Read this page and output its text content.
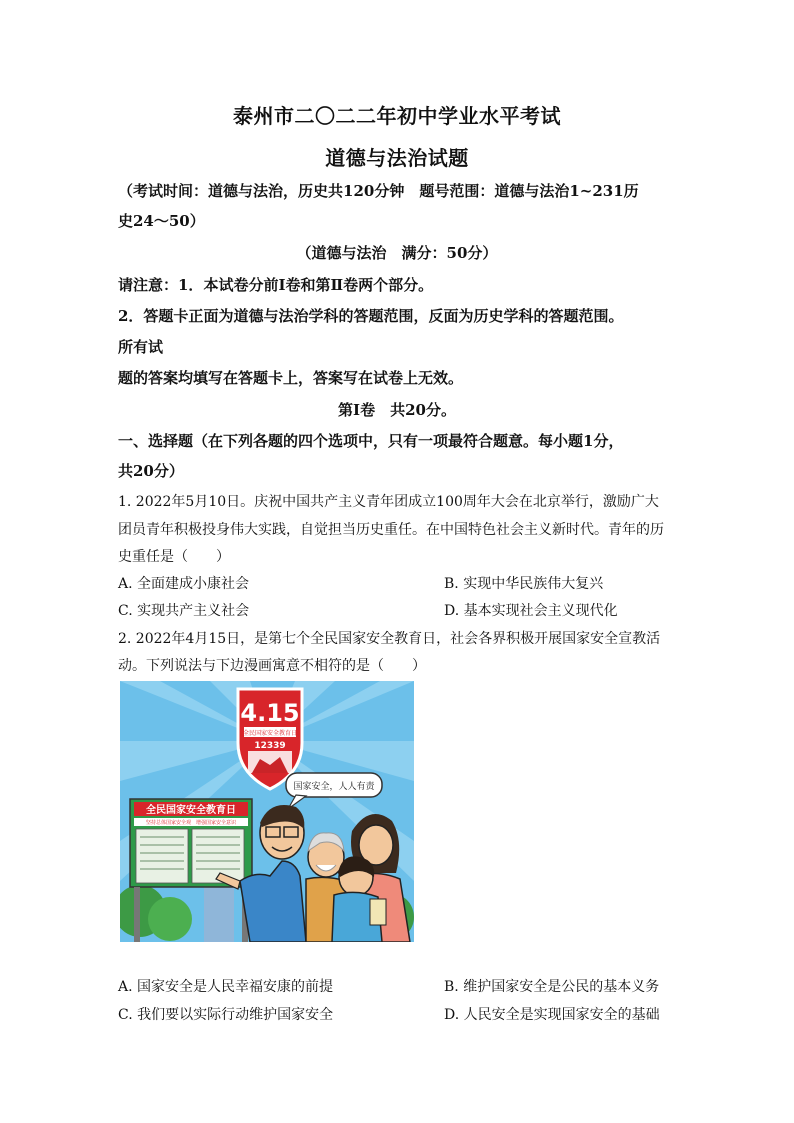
泰州市二〇二二年初中学业水平考试
道德与法治试题
（考试时间：道德与法治，历史共120分钟　题号范围：道德与法治1~231历
史24～50）
（道德与法治　满分：50分）
请注意：1．本试卷分前Ⅰ卷和第Ⅱ卷两个部分。
2．答题卡正面为道德与法治学科的答题范围，反面为历史学科的答题范围。
所有试
题的答案均填写在答题卡上，答案写在试卷上无效。
第Ⅰ卷　共20分。
一、选择题（在下列各题的四个选项中，只有一项最符合题意。每小题1分，
共20分）
1. 2022年5月10日。庆祝中国共产主义青年团成立100周年大会在北京举行，激励广大
团员青年积极投身伟大实践，自觉担当历史重任。在中国特色社会主义新时代。青年的历
史重任是（　　）
A. 全面建成小康社会	B. 实现中华民族伟大复兴
C. 实现共产主义社会	D. 基本实现社会主义现代化
2. 2022年4月15日，是第七个全民国家安全教育日，社会各界积极开展国家安全宣教活
动。下列说法与下边漫画寓意不相符的是（　　）
4.15
全民国家安全教育日
12339
国家安全，人人有责
全民国家安全教育日
坚持总体国家安全观　增强国家安全意识
A. 国家安全是人民幸福安康的前提	B. 维护国家安全是公民的基本义务
C. 我们要以实际行动维护国家安全	D. 人民安全是实现国家安全的基础
